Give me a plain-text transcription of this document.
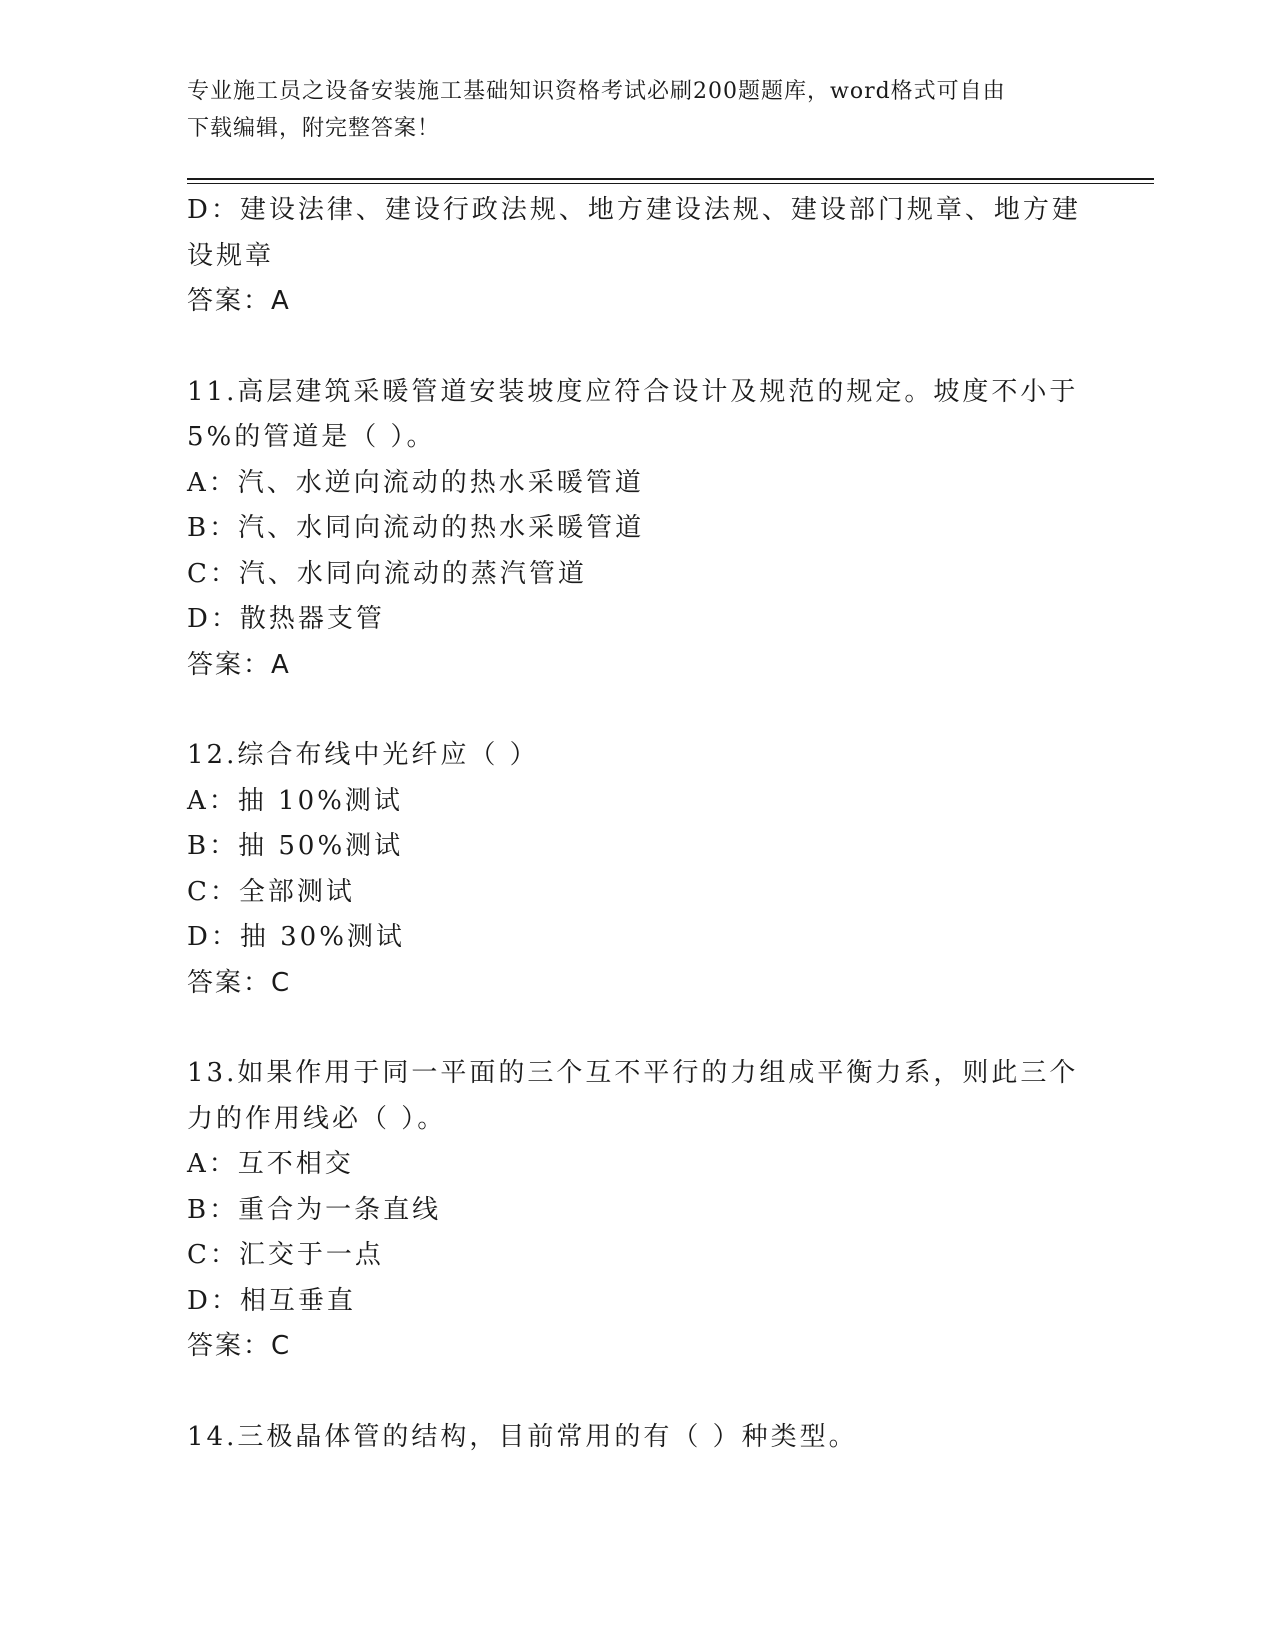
专业施工员之设备安装施工基础知识资格考试必刷200题题库，word格式可自由
下载编辑，附完整答案！

D：建设法律、建设行政法规、地方建设法规、建设部门规章、地方建

设规章

答案：A

11.高层建筑采暖管道安装坡度应符合设计及规范的规定。坡度不小于

5%的管道是（ ）。

A：汽、水逆向流动的热水采暖管道

B：汽、水同向流动的热水采暖管道

C：汽、水同向流动的蒸汽管道

D：散热器支管

答案：A

12.综合布线中光纤应（ ）

A：抽 10%测试

B：抽 50%测试

C：全部测试

D：抽 30%测试

答案：C

13.如果作用于同一平面的三个互不平行的力组成平衡力系，则此三个

力的作用线必（ ）。

A：互不相交

B：重合为一条直线

C：汇交于一点

D：相互垂直

答案：C

14.三极晶体管的结构，目前常用的有（ ）种类型。
